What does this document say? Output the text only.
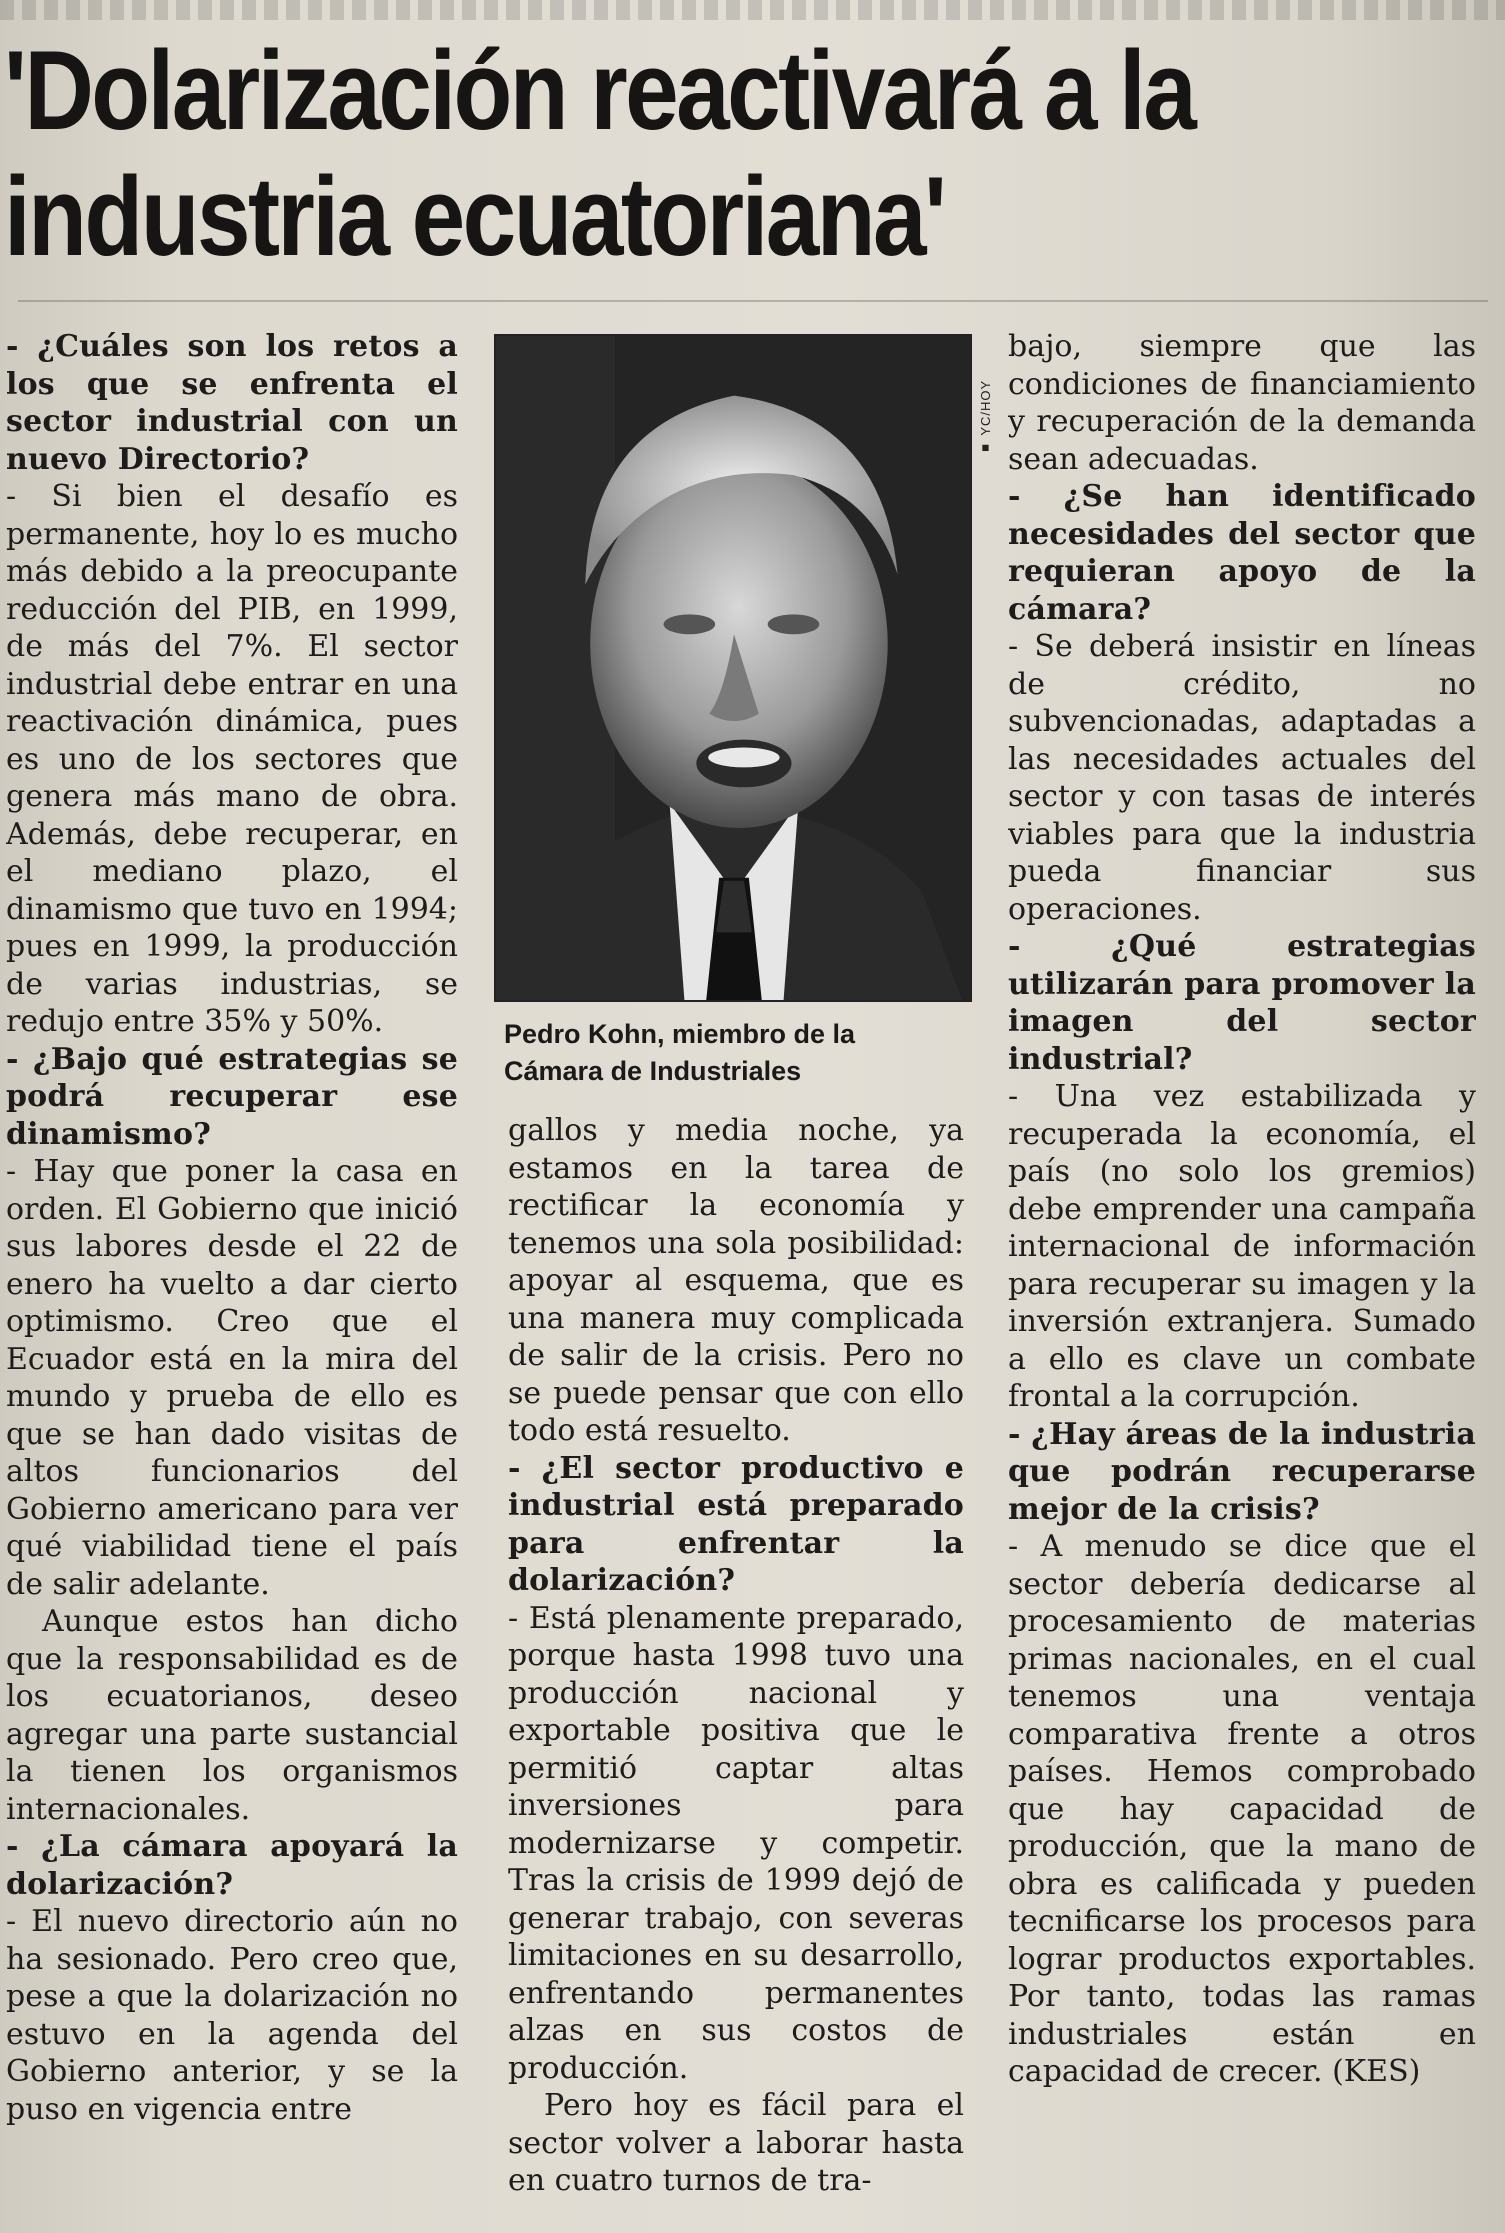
'Dolarización reactivará a la
industria ecuatoriana'

- ¿Cuáles son los retos a los que se enfrenta el sector industrial con un nuevo Directorio?

- Si bien el desafío es permanente, hoy lo es mucho más debido a la preocupante reducción del PIB, en 1999, de más del 7%. El sector industrial debe entrar en una reactivación dinámica, pues es uno de los sectores que genera más mano de obra. Además, debe recuperar, en el mediano plazo, el dinamismo que tuvo en 1994; pues en 1999, la producción de varias industrias, se redujo entre 35% y 50%.

- ¿Bajo qué estrategias se podrá recuperar ese dinamismo?

- Hay que poner la casa en orden. El Gobierno que inició sus labores desde el 22 de enero ha vuelto a dar cierto optimismo. Creo que el Ecuador está en la mira del mundo y prueba de ello es que se han dado visitas de altos funcionarios del Gobierno americano para ver qué viabilidad tiene el país de salir adelante.

Aunque estos han dicho que la responsabilidad es de los ecuatorianos, deseo agregar una parte sustancial la tienen los organismos internacionales.

- ¿La cámara apoyará la dolarización?

- El nuevo directorio aún no ha sesionado. Pero creo que, pese a que la dolarización no estuvo en la agenda del Gobierno anterior, y se la puso en vigencia entre

■ YC/HOY
Pedro Kohn, miembro de la
Cámara de Industriales

gallos y media noche, ya estamos en la tarea de rectificar la economía y tenemos una sola posibilidad: apoyar al esquema, que es una manera muy complicada de salir de la crisis. Pero no se puede pensar que con ello todo está resuelto.

- ¿El sector productivo e industrial está preparado para enfrentar la dolarización?

- Está plenamente preparado, porque hasta 1998 tuvo una producción nacional y exportable positiva que le permitió captar altas inversiones para modernizarse y competir. Tras la crisis de 1999 dejó de generar trabajo, con severas limitaciones en su desarrollo, enfrentando permanentes alzas en sus costos de producción.

Pero hoy es fácil para el sector volver a laborar hasta en cuatro turnos de tra-

bajo, siempre que las condiciones de financiamiento y recuperación de la demanda sean adecuadas.

- ¿Se han identificado necesidades del sector que requieran apoyo de la cámara?

- Se deberá insistir en líneas de crédito, no subvencionadas, adaptadas a las necesidades actuales del sector y con tasas de interés viables para que la industria pueda financiar sus operaciones.

- ¿Qué estrategias utilizarán para promover la imagen del sector industrial?

- Una vez estabilizada y recuperada la economía, el país (no solo los gremios) debe emprender una campaña internacional de información para recuperar su imagen y la inversión extranjera. Sumado a ello es clave un combate frontal a la corrupción.

- ¿Hay áreas de la industria que podrán recuperarse mejor de la crisis?

- A menudo se dice que el sector debería dedicarse al procesamiento de materias primas nacionales, en el cual tenemos una ventaja comparativa frente a otros países. Hemos comprobado que hay capacidad de producción, que la mano de obra es calificada y pueden tecnificarse los procesos para lograr productos exportables. Por tanto, todas las ramas industriales están en capacidad de crecer. (KES)
